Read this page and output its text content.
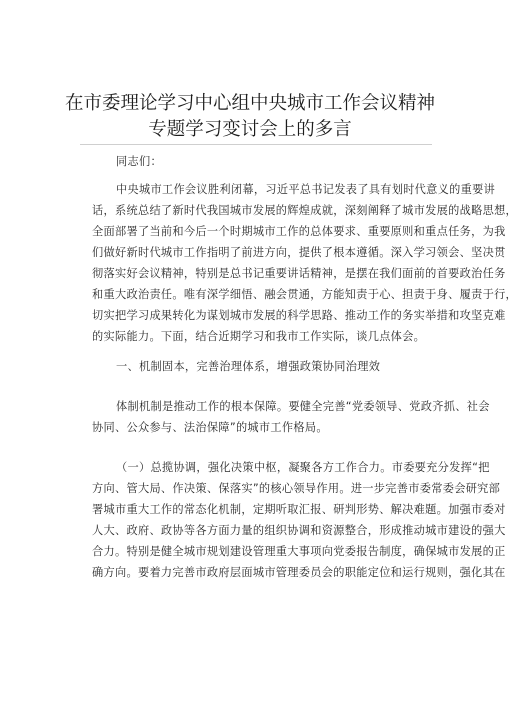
在市委理论学习中心组中央城市工作会议精神
专题学习变讨会上的多言
同志们：
中央城市工作会议胜利闭幕，习近平总书记发表了具有划时代意义的重要讲
话，系统总结了新时代我国城市发展的辉煌成就，深刻阐释了城市发展的战略思想，
全面部署了当前和今后一个时期城市工作的总体要求、重要原则和重点任务，为我
们做好新时代城市工作指明了前进方向，提供了根本遵循。深入学习领会、坚决贯
彻落实好会议精神，特别是总书记重要讲话精神，是摆在我们面前的首要政治任务
和重大政治责任。唯有深学细悟、融会贯通，方能知责于心、担责于身、履责于行，
切实把学习成果转化为谋划城市发展的科学思路、推动工作的务实举措和攻坚克难
的实际能力。下面，结合近期学习和我市工作实际，谈几点体会。
一、机制固本，完善治理体系，增强政策协同治理效
体制机制是推动工作的根本保障。要健全完善“党委领导、党政齐抓、社会
协同、公众参与、法治保障”的城市工作格局。
（一）总揽协调，强化决策中枢，凝聚各方工作合力。市委要充分发挥“把
方向、管大局、作决策、保落实”的核心领导作用。进一步完善市委常委会研究部
署城市重大工作的常态化机制，定期听取汇报、研判形势、解决难题。加强市委对
人大、政府、政协等各方面力量的组织协调和资源整合，形成推动城市建设的强大
合力。特别是健全城市规划建设管理重大事项向党委报告制度，确保城市发展的正
确方向。要着力完善市政府层面城市管理委员会的职能定位和运行规则，强化其在
